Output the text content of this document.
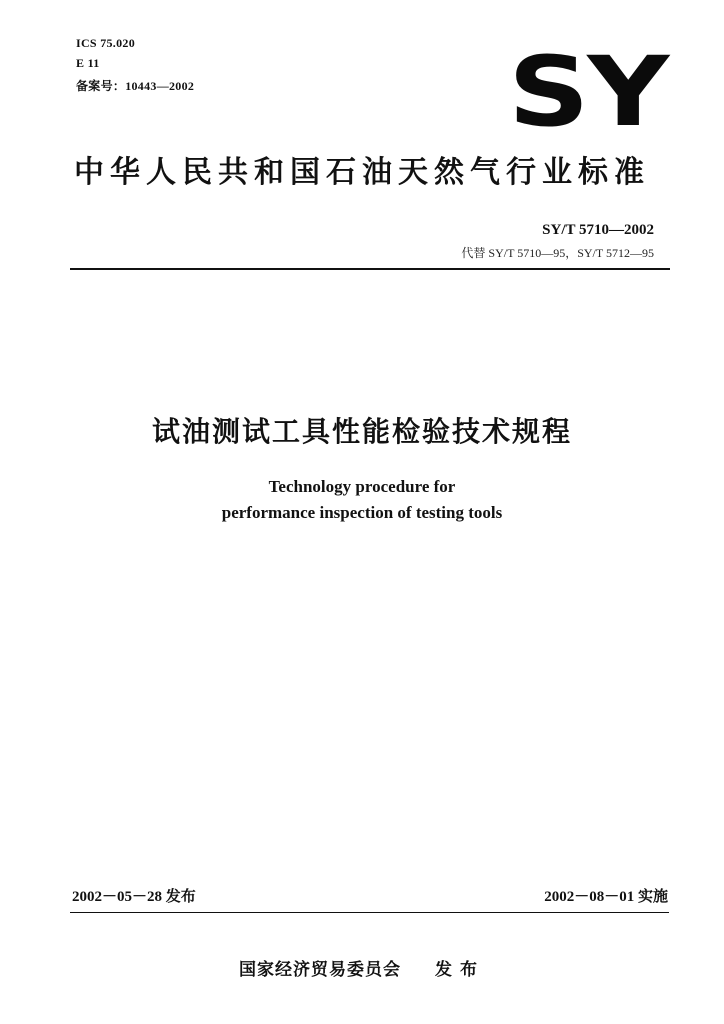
ICS 75.020
E 11
备案号：10443—2002	SY
中华人民共和国石油天然气行业标准
SY/T 5710—2002
代替 SY/T 5710—95，SY/T 5712—95
试油测试工具性能检验技术规程
Technology procedure for
performance inspection of testing tools
2002－05－28 发布	2002－08－01 实施
国家经济贸易委员会 发布
